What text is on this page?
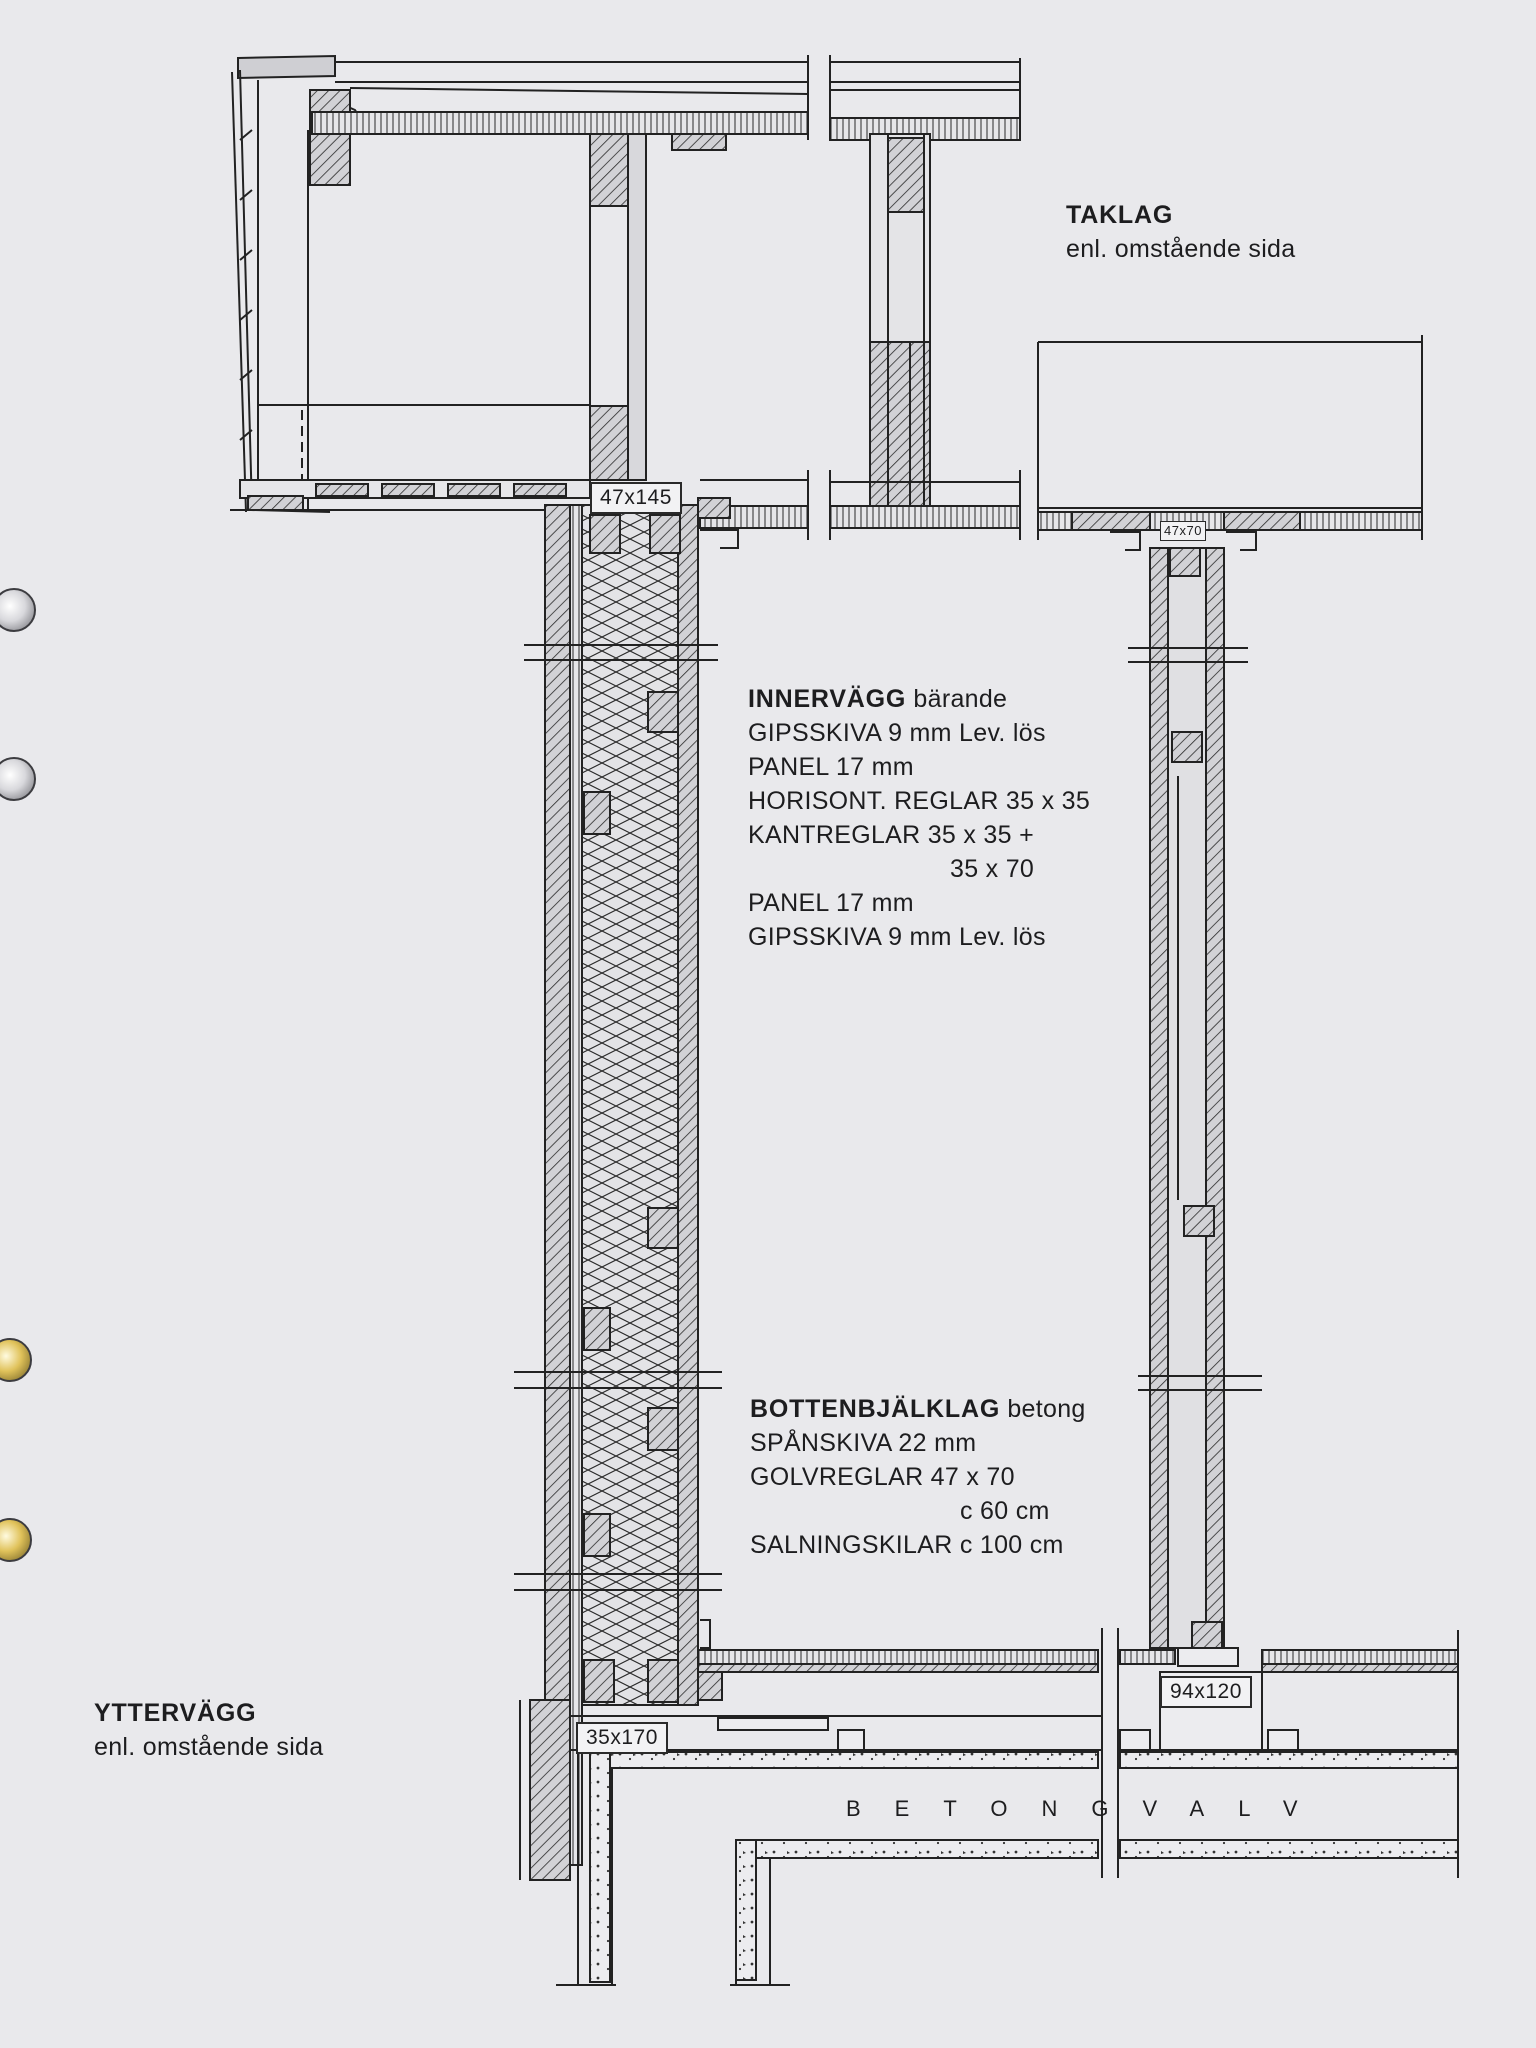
TAKLAG
enl. omstående sida
INNERVÄGG bärande
GIPSSKIVA 9 mm Lev. lös
PANEL 17 mm
HORISONT. REGLAR 35 x 35
KANTREGLAR 35 x 35 +
35 x 70
PANEL 17 mm
GIPSSKIVA 9 mm Lev. lös
BOTTENBJÄLKLAG betong
SPÅNSKIVA 22 mm
GOLVREGLAR 47 x 70
c 60 cm
SALNINGSKILAR c 100 cm
YTTERVÄGG
enl. omstående sida
47x145
47x70
94x120
35x170
BETONGVALV
